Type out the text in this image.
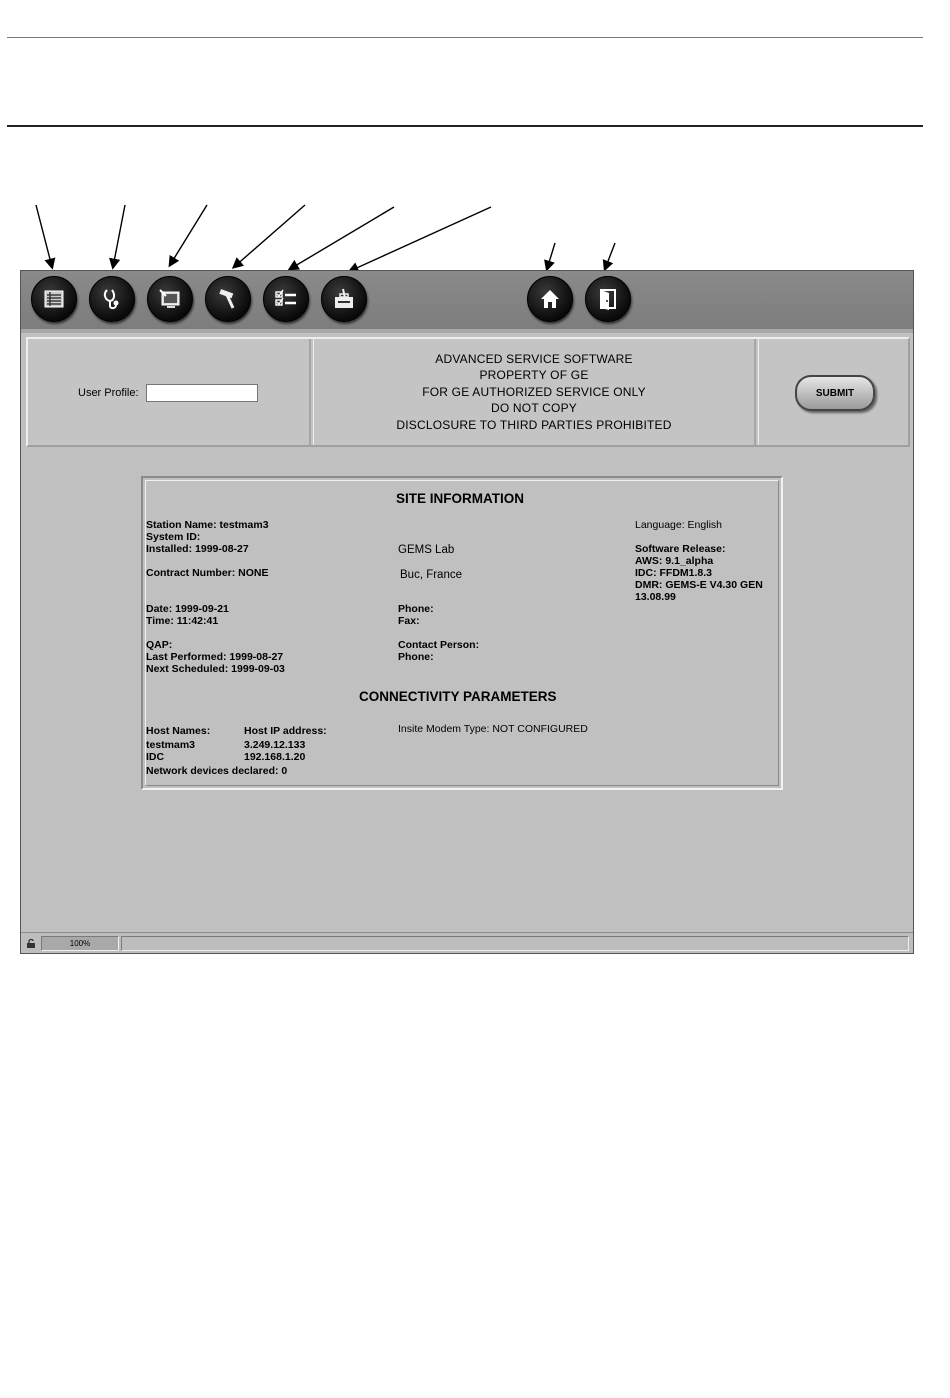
User Profile:
ADVANCED SERVICE SOFTWARE
PROPERTY OF GE
FOR GE AUTHORIZED SERVICE ONLY
DO NOT COPY
DISCLOSURE TO THIRD PARTIES PROHIBITED
SUBMIT
SITE INFORMATION
Station Name: testmam3
System ID:
Installed: 1999-08-27
Contract Number: NONE
Date: 1999-09-21
Time: 11:42:41
QAP:
Last Performed: 1999-08-27
Next Scheduled: 1999-09-03
GEMS Lab
Buc, France
Phone:
Fax:
Contact Person:
Phone:
Language: English
Software Release:
AWS: 9.1_alpha
IDC: FFDM1.8.3
DMR: GEMS-E V4.30 GEN
13.08.99
CONNECTIVITY PARAMETERS
Host Names:	Host IP address:
testmam3	3.249.12.133
IDC	192.168.1.20
Network devices declared: 0
Insite Modem Type: NOT CONFIGURED
100%
